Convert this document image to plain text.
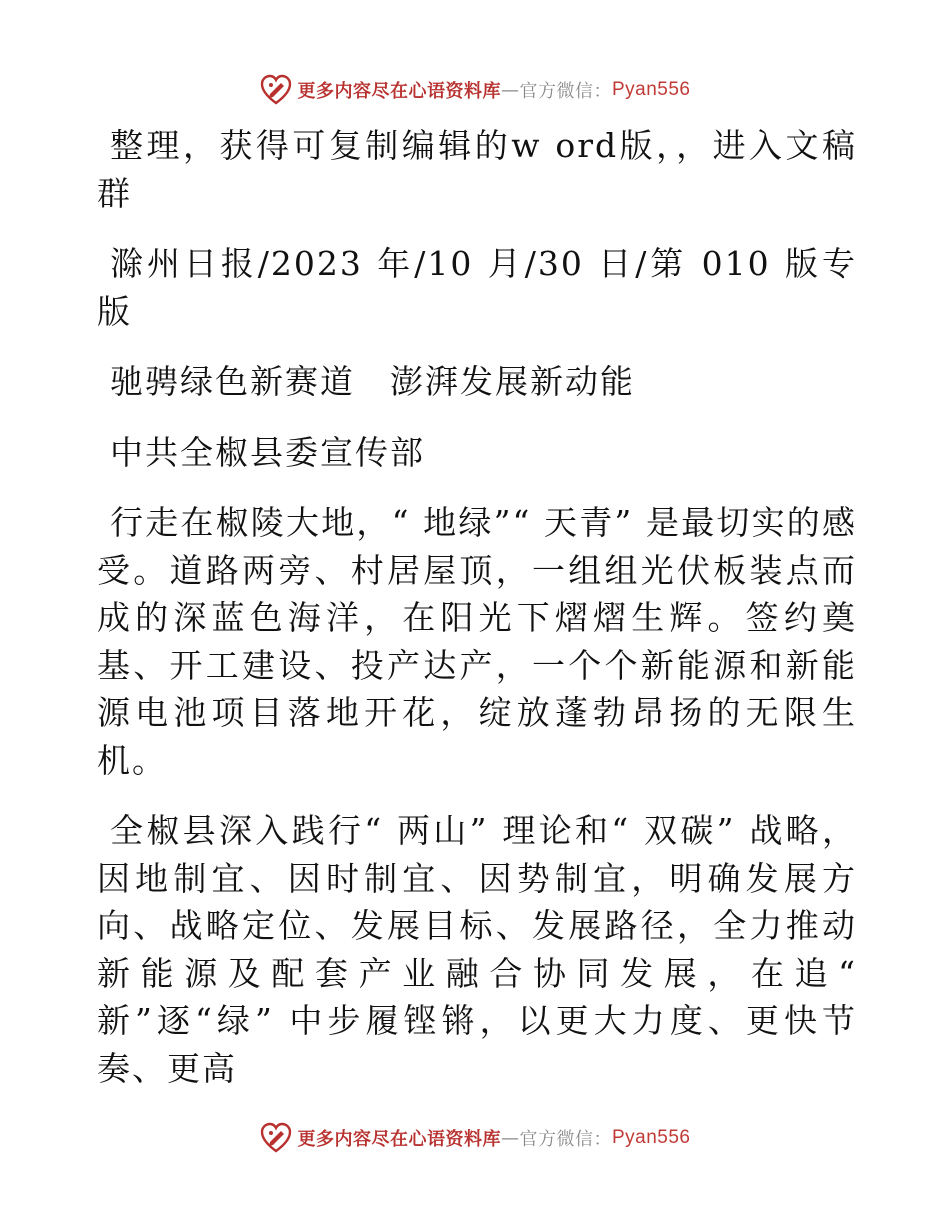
更多内容尽在心语资料库 — 官方微信： Pyan556

整理，获得可复制编辑的w ord版，，进入文稿群

滁州日报/2023 年/10 月/30 日/第 010 版专版

驰骋绿色新赛道　澎湃发展新动能

中共全椒县委宣传部

行走在椒陵大地，“ 地绿”“ 天青” 是最切实的感受。道路两旁、村居屋顶，一组组光伏板装点而成的深蓝色海洋，在阳光下熠熠生辉。签约奠基、开工建设、投产达产，一个个新能源和新能源电池项目落地开花，绽放蓬勃昂扬的无限生机。

全椒县深入践行“ 两山” 理论和“ 双碳” 战略，因地制宜、因时制宜、因势制宜，明确发展方向、战略定位、发展目标、发展路径，全力推动新能源及配套产业融合协同发展，在追“ 新”逐“绿” 中步履铿锵，以更大力度、更快节奏、更高

更多内容尽在心语资料库 — 官方微信： Pyan556
